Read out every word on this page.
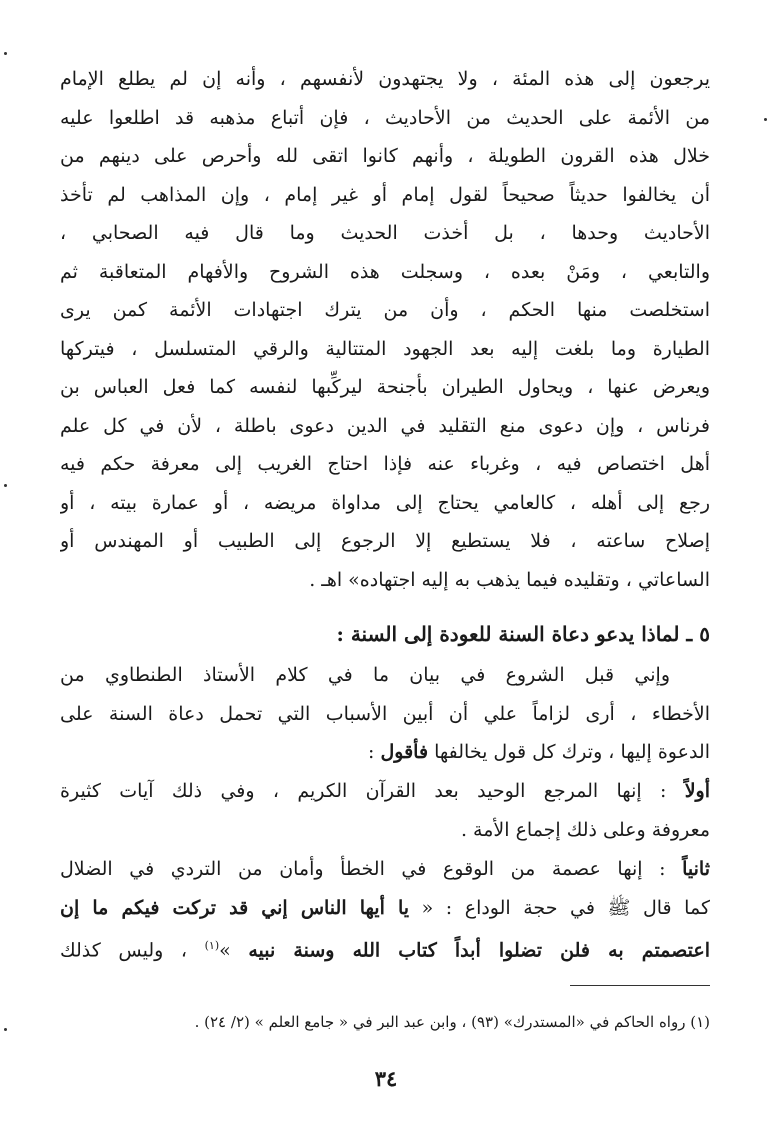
يرجعون إلى هذه المئة ، ولا يجتهدون لأنفسهم ، وأنه إن لم يطلع الإمام
من الأئمة على الحديث من الأحاديث ، فإن أتباع مذهبه قد اطلعوا عليه
خلال هذه القرون الطويلة ، وأنهم كانوا اتقى لله وأحرص على دينهم من
أن يخالفوا حديثاً صحيحاً لقول إمام أو غير إمام ، وإن المذاهب لم تأخذ
الأحاديث وحدها ، بل أخذت الحديث وما قال فيه الصحابي ،
والتابعي ، ومَنْ بعده ، وسجلت هذه الشروح والأفهام المتعاقبة ثم
استخلصت منها الحكم ، وأن من يترك اجتهادات الأئمة كمن يرى
الطيارة وما بلغت إليه بعد الجهود المتتالية والرقي المتسلسل ، فيتركها
ويعرض عنها ، ويحاول الطيران بأجنحة ليركِّبها لنفسه كما فعل العباس بن
فرناس ، وإن دعوى منع التقليد في الدين دعوى باطلة ، لأن في كل علم
أهل اختصاص فيه ، وغرباء عنه فإذا احتاج الغريب إلى معرفة حكم فيه
رجع إلى أهله ، كالعامي يحتاج إلى مداواة مريضه ، أو عمارة بيته ، أو
إصلاح ساعته ، فلا يستطيع إلا الرجوع إلى الطبيب أو المهندس أو
الساعاتي ، وتقليده فيما يذهب به إليه اجتهاده» اهـ .
٥ ـ لماذا يدعو دعاة السنة للعودة إلى السنة :
وإني قبل الشروع في بيان ما في كلام الأستاذ الطنطاوي من
الأخطاء ، أرى لزاماً علي أن أبين الأسباب التي تحمل دعاة السنة على
الدعوة إليها ، وترك كل قول يخالفها فأقول :
أولاً : إنها المرجع الوحيد بعد القرآن الكريم ، وفي ذلك آيات كثيرة
معروفة وعلى ذلك إجماع الأمة .
ثانياً : إنها عصمة من الوقوع في الخطأ وأمان من التردي في الضلال
كما قال ﷺ في حجة الوداع : « يا أيها الناس إني قد تركت فيكم ما إن
اعتصمتم به فلن تضلوا أبداً كتاب الله وسنة نبيه »$^{(١)}$ ، وليس كذلك
(١) رواه الحاكم في «المستدرك» (٩٣) ، وابن عبد البر في « جامع العلم » (٢/ ٢٤) .
٣٤
